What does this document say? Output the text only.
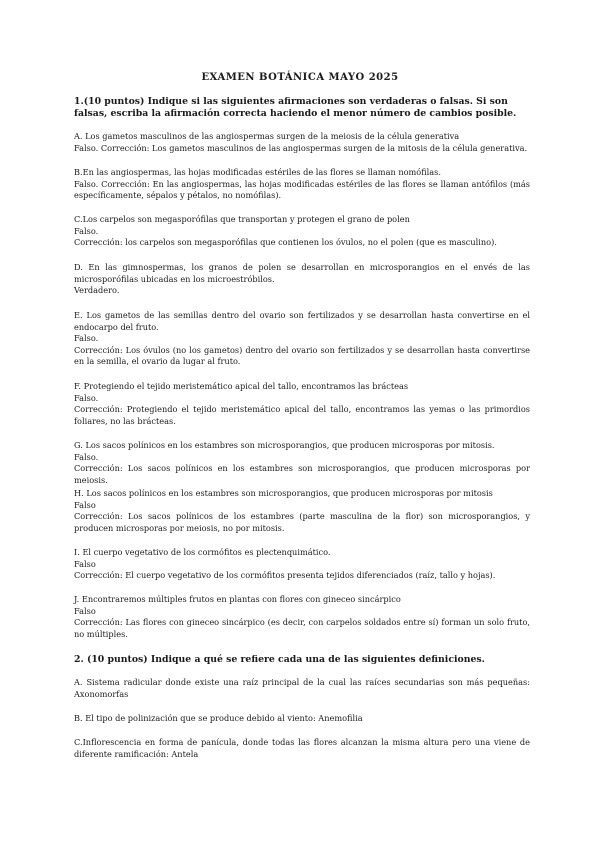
EXAMEN BOTÁNICA MAYO 2025
1.(10 puntos) Indique si las siguientes afirmaciones son verdaderas o falsas. Si son falsas, escriba la afirmación correcta haciendo el menor número de cambios posible.
A. Los gametos masculinos de las angiospermas surgen de la meiosis de la célula generativa
Falso. Corrección: Los gametos masculinos de las angiospermas surgen de la mitosis de la célula generativa.
B.En las angiospermas, las hojas modificadas estériles de las flores se llaman nomófilas.
Falso. Corrección: En las angiospermas, las hojas modificadas estériles de las flores se llaman antófilos (más específicamente, sépalos y pétalos, no nomófilas).
C.Los carpelos son megasporófilas que transportan y protegen el grano de polen
Falso.
Corrección: los carpelos son megasporófilas que contienen los óvulos, no el polen (que es masculino).
D. En las gimnospermas, los granos de polen se desarrollan en microsporangios en el envés de las microsporófilas ubicadas en los microestróbilos.
Verdadero.
E. Los gametos de las semillas dentro del ovario son fertilizados y se desarrollan hasta convertirse en el endocarpo del fruto.
Falso.
Corrección: Los óvulos (no los gametos) dentro del ovario son fertilizados y se desarrollan hasta convertirse en la semilla, el ovario da lugar al fruto.
F. Protegiendo el tejido meristemático apical del tallo, encontramos las brácteas
Falso.
Corrección: Protegiendo el tejido meristemático apical del tallo, encontramos las yemas o las primordios foliares, no las brácteas.
G. Los sacos polínicos en los estambres son microsporangios, que producen microsporas por mitosis.
Falso.
Corrección: Los sacos polínicos en los estambres son microsporangios, que producen microsporas por meiosis.
H. Los sacos polínicos en los estambres son microsporangios, que producen microsporas por mitosis
Falso
Corrección: Los sacos polínicos de los estambres (parte masculina de la flor) son microsporangios, y producen microsporas por meiosis, no por mitosis.
I. El cuerpo vegetativo de los cormófitos es plectenquimático.
Falso
Corrección: El cuerpo vegetativo de los cormófitos presenta tejidos diferenciados (raíz, tallo y hojas).
J. Encontraremos múltiples frutos en plantas con flores con gineceo sincárpico
Falso
Corrección: Las flores con gineceo sincárpico (es decir, con carpelos soldados entre sí) forman un solo fruto, no múltiples.
2. (10 puntos) Indique a qué se refiere cada una de las siguientes definiciones.
A. Sistema radicular donde existe una raíz principal de la cual las raíces secundarias son más pequeñas: Axonomorfas
B. El tipo de polinización que se produce debido al viento: Anemofilia
C.Inflorescencia en forma de panícula, donde todas las flores alcanzan la misma altura pero una viene de diferente ramificación: Antela
